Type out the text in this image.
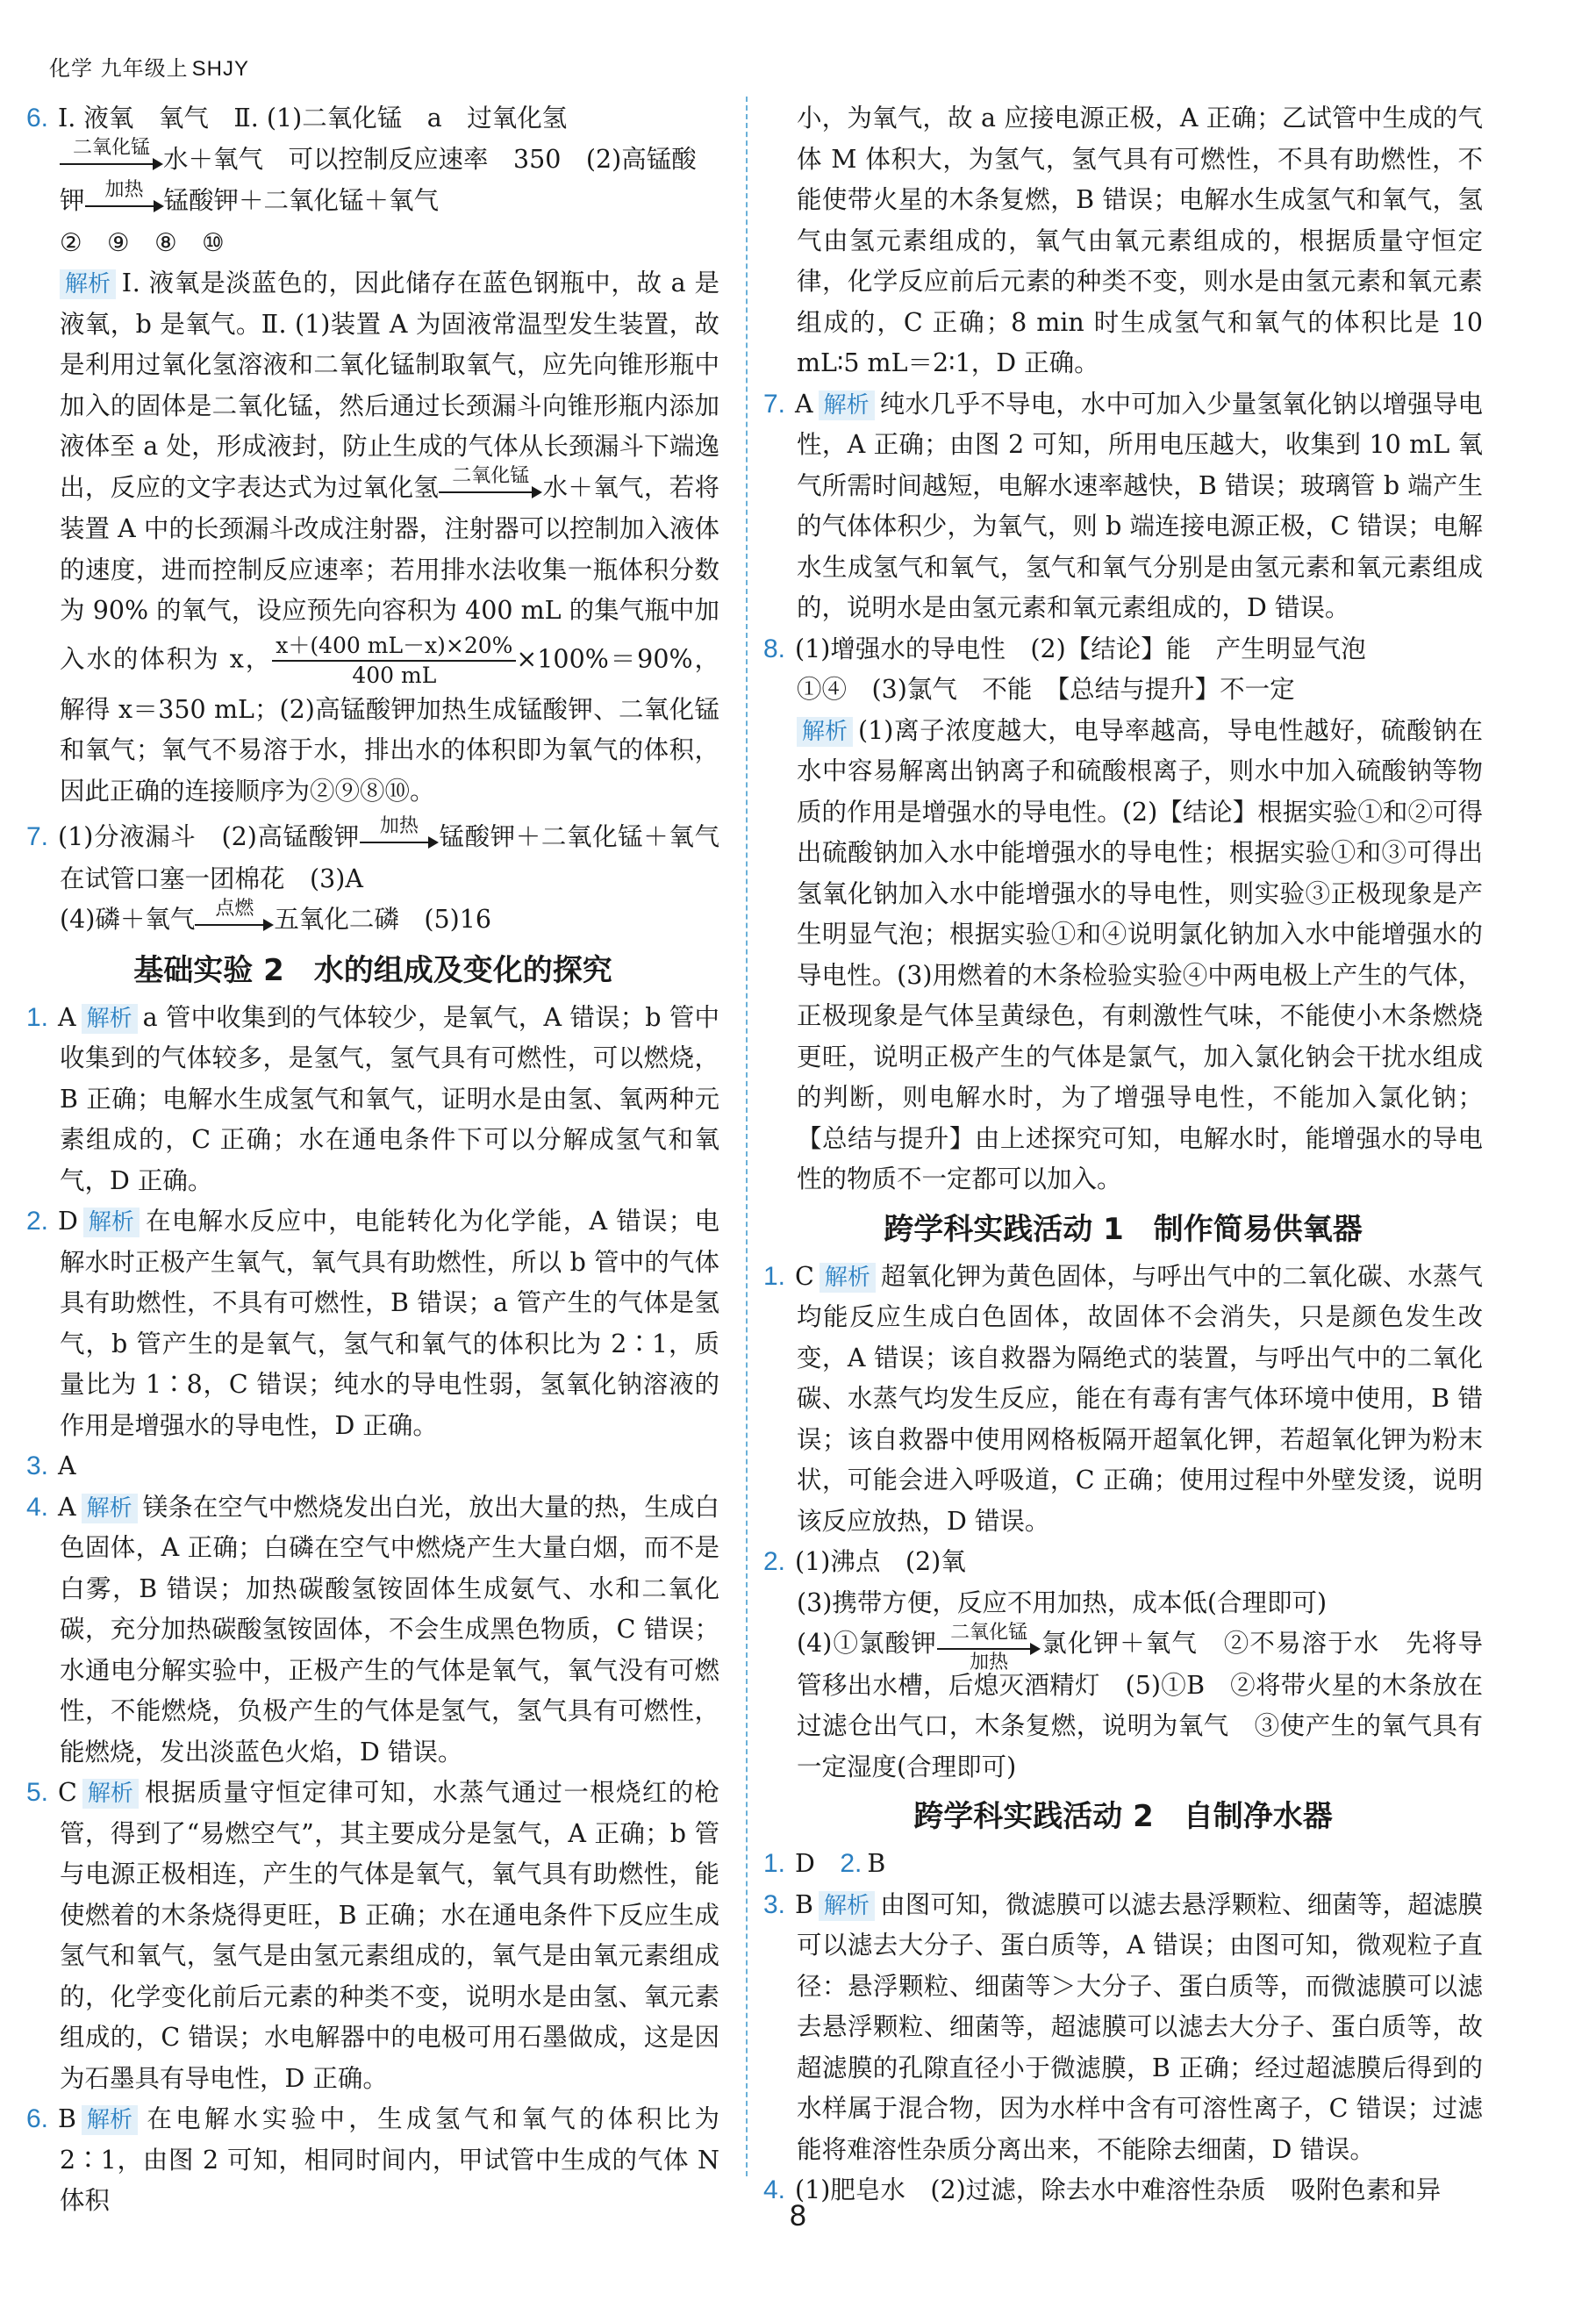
化学 九年级上 SHJY
6. Ⅰ. 液氧　氧气　Ⅱ. (1)二氧化锰　a　过氧化氢
二氧化锰 水＋氧气　可以控制反应速率　350　(2)高锰酸
钾	加热 锰酸钾＋二氧化锰＋氧气
②　⑨　⑧　⑩
解析 Ⅰ. 液氧是淡蓝色的，因此储存在蓝色钢瓶中，故 a 是液氧，b 是氧气。Ⅱ. (1)装置 A 为固液常温型发生装置，故是利用过氧化氢溶液和二氧化锰制取氧气，应先向锥形瓶中加入的固体是二氧化锰，然后通过长颈漏斗向锥形瓶内添加液体至 a 处，形成液封，防止生成的气体从长颈漏斗下端逸出，反应的文字表达式为过氧化氢 二氧化锰 水＋氧气，若将装置 A 中的长颈漏斗改成注射器，注射器可以控制加入液体的速度，进而控制反应速率；若用排水法收集一瓶体积分数为 90% 的氧气，设应预先向容积为 400 mL 的集气瓶中加入水的体积为 x， $\frac{x+(400 mL-x)\times 20\%}{400 mL} \times 100\%=90\%$，解得 x＝350 mL；(2)高锰酸钾加热生成锰酸钾、二氧化锰和氧气；氧气不易溶于水，排出水的体积即为氧气的体积，因此正确的连接顺序为②⑨⑧⑩。
7. (1)分液漏斗　(2)高锰酸钾	加热 锰酸钾＋二氧化锰＋氧气　在试管口塞一团棉花　(3)A
(4)磷＋氧气	点燃 五氧化二磷　(5)16
基础实验 2　水的组成及变化的探究
1. A 解析 a 管中收集到的气体较少，是氧气，A 错误；b 管中收集到的气体较多，是氢气，氢气具有可燃性，可以燃烧，B 正确；电解水生成氢气和氧气，证明水是由氢、氧两种元素组成的，C 正确；水在通电条件下可以分解成氢气和氧气，D 正确。
2. D 解析 在电解水反应中，电能转化为化学能，A 错误；电解水时正极产生氧气，氧气具有助燃性，所以 b 管中的气体具有助燃性，不具有可燃性，B 错误；a 管产生的气体是氢气，b 管产生的是氧气，氢气和氧气的体积比为 2∶1，质量比为 1∶8，C 错误；纯水的导电性弱，氢氧化钠溶液的作用是增强水的导电性，D 正确。
3. A
4. A 解析 镁条在空气中燃烧发出白光，放出大量的热，生成白色固体，A 正确；白磷在空气中燃烧产生大量白烟，而不是白雾，B 错误；加热碳酸氢铵固体生成氨气、水和二氧化碳，充分加热碳酸氢铵固体，不会生成黑色物质，C 错误；水通电分解实验中，正极产生的气体是氧气，氧气没有可燃性，不能燃烧，负极产生的气体是氢气，氢气具有可燃性，能燃烧，发出淡蓝色火焰，D 错误。
5. C 解析 根据质量守恒定律可知，水蒸气通过一根烧红的枪管，得到了“易燃空气”，其主要成分是氢气，A 正确；b 管与电源正极相连，产生的气体是氧气，氧气具有助燃性，能使燃着的木条烧得更旺，B 正确；水在通电条件下反应生成氢气和氧气，氢气是由氢元素组成的，氧气是由氧元素组成的，化学变化前后元素的种类不变，说明水是由氢、氧元素组成的，C 错误；水电解器中的电极可用石墨做成，这是因为石墨具有导电性，D 正确。
6. B 解析 在电解水实验中，生成氢气和氧气的体积比为 2∶1，由图 2 可知，相同时间内，甲试管中生成的气体 N 体积
小，为氧气，故 a 应接电源正极，A 正确；乙试管中生成的气体 M 体积大，为氢气，氢气具有可燃性，不具有助燃性，不能使带火星的木条复燃，B 错误；电解水生成氢气和氧气，氢气由氢元素组成的，氧气由氧元素组成的，根据质量守恒定律，化学反应前后元素的种类不变，则水是由氢元素和氧元素组成的，C 正确；8 min 时生成氢气和氧气的体积比是 10 mL∶5 mL＝2∶1，D 正确。
7. A 解析 纯水几乎不导电，水中可加入少量氢氧化钠以增强导电性，A 正确；由图 2 可知，所用电压越大，收集到 10 mL 氧气所需时间越短，电解水速率越快，B 错误；玻璃管 b 端产生的气体体积少，为氧气，则 b 端连接电源正极，C 错误；电解水生成氢气和氧气，氢气和氧气分别是由氢元素和氧元素组成的，说明水是由氢元素和氧元素组成的，D 错误。
8. (1)增强水的导电性　(2)【结论】能　产生明显气泡
①④　(3)氯气　不能　【总结与提升】不一定
解析 (1)离子浓度越大，电导率越高，导电性越好，硫酸钠在水中容易解离出钠离子和硫酸根离子，则水中加入硫酸钠等物质的作用是增强水的导电性。(2)【结论】根据实验①和②可得出硫酸钠加入水中能增强水的导电性；根据实验①和③可得出氢氧化钠加入水中能增强水的导电性，则实验③正极现象是产生明显气泡；根据实验①和④说明氯化钠加入水中能增强水的导电性。(3)用燃着的木条检验实验④中两电极上产生的气体，正极现象是气体呈黄绿色，有刺激性气味，不能使小木条燃烧更旺，说明正极产生的气体是氯气，加入氯化钠会干扰水组成的判断，则电解水时，为了增强导电性，不能加入氯化钠；【总结与提升】由上述探究可知，电解水时，能增强水的导电性的物质不一定都可以加入。
跨学科实践活动 1　制作简易供氧器
1. C 解析 超氧化钾为黄色固体，与呼出气中的二氧化碳、水蒸气均能反应生成白色固体，故固体不会消失，只是颜色发生改变，A 错误；该自救器为隔绝式的装置，与呼出气中的二氧化碳、水蒸气均发生反应，能在有毒有害气体环境中使用，B 错误；该自救器中使用网格板隔开超氧化钾，若超氧化钾为粉末状，可能会进入呼吸道，C 正确；使用过程中外壁发烫，说明该反应放热，D 错误。
2. (1)沸点　(2)氧
(3)携带方便，反应不用加热，成本低(合理即可)
(4)①氯酸钾 二氧化锰
加热
氯化钾＋氧气　②不易溶于水　先将导管移出水槽，后熄灭酒精灯　(5)①B　②将带火星的木条放在过滤仓出气口，木条复燃，说明为氧气　③使产生的氧气具有一定湿度(合理即可)
跨学科实践活动 2　自制净水器
1. D　 2. B
3. B 解析 由图可知，微滤膜可以滤去悬浮颗粒、细菌等，超滤膜可以滤去大分子、蛋白质等，A 错误；由图可知，微观粒子直径：悬浮颗粒、细菌等＞大分子、蛋白质等，而微滤膜可以滤去悬浮颗粒、细菌等，超滤膜可以滤去大分子、蛋白质等，故超滤膜的孔隙直径小于微滤膜，B 正确；经过超滤膜后得到的水样属于混合物，因为水样中含有可溶性离子，C 错误；过滤能将难溶性杂质分离出来，不能除去细菌，D 错误。
4. (1)肥皂水　(2)过滤，除去水中难溶性杂质　吸附色素和异
8
